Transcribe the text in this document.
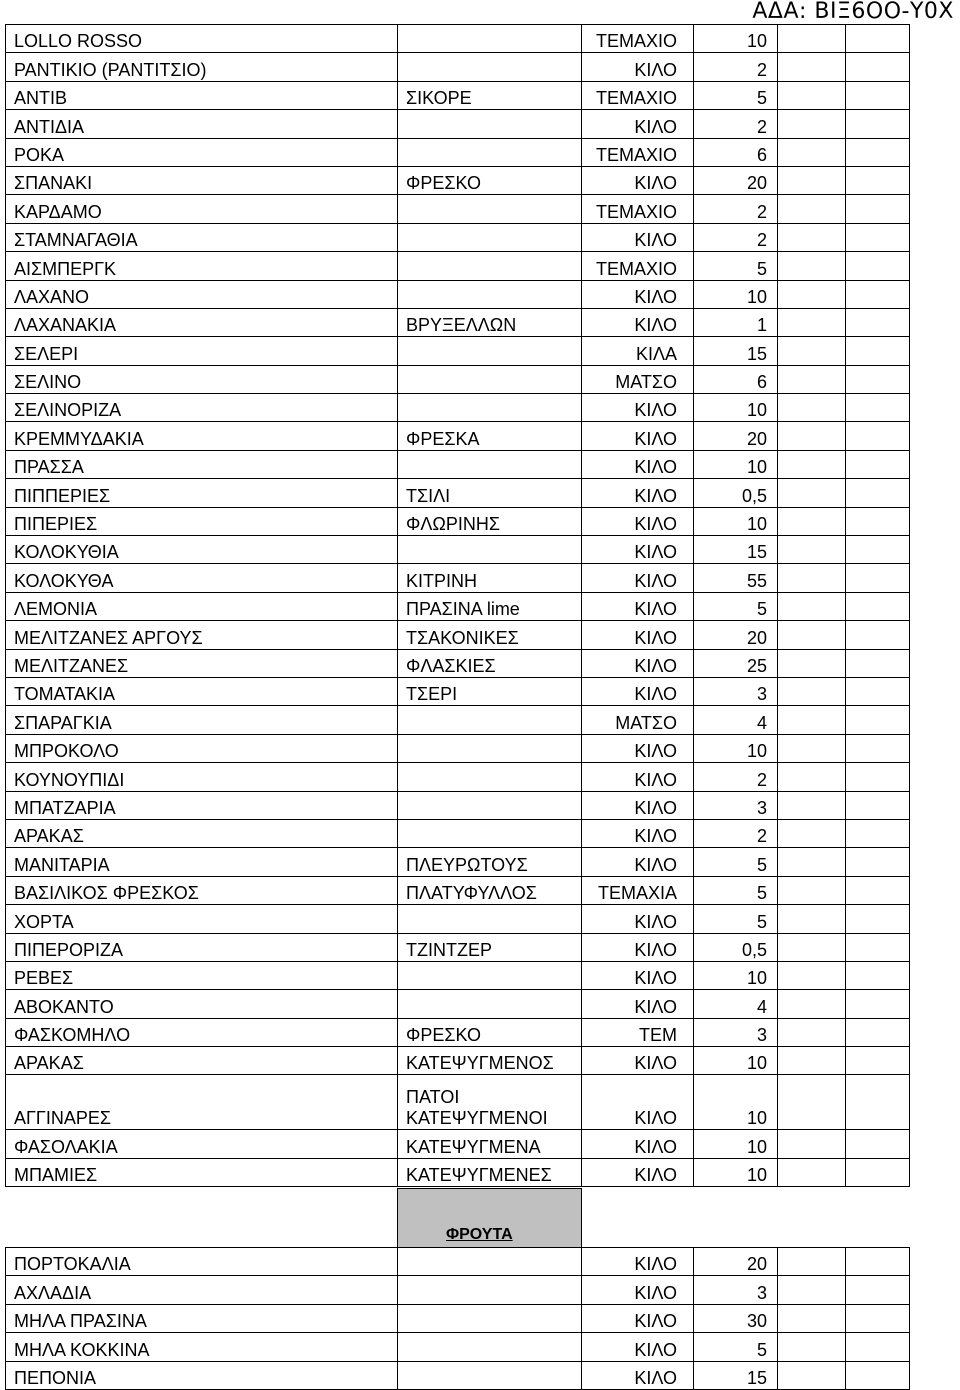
ΑΔΑ: ΒΙΞ6ΟΟ-Υ0Χ
LOLLO ROSSO		ΤΕΜΑΧΙΟ	10		
ΡΑΝΤΙΚΙΟ (ΡΑΝΤΙΤΣΙΟ)		ΚΙΛΟ	2		
ΑΝΤΙΒ	ΣΙΚΟΡΕ	ΤΕΜΑΧΙΟ	5		
ΑΝΤΙΔΙΑ		ΚΙΛΟ	2		
ΡΟΚΑ		ΤΕΜΑΧΙΟ	6		
ΣΠΑΝΑΚΙ	ΦΡΕΣΚΟ	ΚΙΛΟ	20		
ΚΑΡΔΑΜΟ		ΤΕΜΑΧΙΟ	2		
ΣΤΑΜΝΑΓΑΘΙΑ		ΚΙΛΟ	2		
ΑΙΣΜΠΕΡΓΚ		ΤΕΜΑΧΙΟ	5		
ΛΑΧΑΝΟ		ΚΙΛΟ	10		
ΛΑΧΑΝΑΚΙΑ	ΒΡΥΞΕΛΛΩΝ	ΚΙΛΟ	1		
ΣΕΛΕΡΙ		ΚΙΛΑ	15		
ΣΕΛΙΝΟ		ΜΑΤΣΟ	6		
ΣΕΛΙΝΟΡΙΖΑ		ΚΙΛΟ	10		
ΚΡΕΜΜΥΔΑΚΙΑ	ΦΡΕΣΚΑ	ΚΙΛΟ	20		
ΠΡΑΣΣΑ		ΚΙΛΟ	10		
ΠΙΠΠΕΡΙΕΣ	ΤΣΙΛΙ	ΚΙΛΟ	0,5		
ΠΙΠΕΡΙΕΣ	ΦΛΩΡΙΝΗΣ	ΚΙΛΟ	10		
ΚΟΛΟΚΥΘΙΑ		ΚΙΛΟ	15		
ΚΟΛΟΚΥΘΑ	ΚΙΤΡΙΝΗ	ΚΙΛΟ	55		
ΛΕΜΟΝΙΑ	ΠΡΑΣΙΝΑ lime	ΚΙΛΟ	5		
ΜΕΛΙΤΖΑΝΕΣ ΑΡΓΟΥΣ	ΤΣΑΚΟΝΙΚΕΣ	ΚΙΛΟ	20		
ΜΕΛΙΤΖΑΝΕΣ	ΦΛΑΣΚΙΕΣ	ΚΙΛΟ	25		
ΤΟΜΑΤΑΚΙΑ	ΤΣΕΡΙ	ΚΙΛΟ	3		
ΣΠΑΡΑΓΚΙΑ		ΜΑΤΣΟ	4		
ΜΠΡΟΚΟΛΟ		ΚΙΛΟ	10		
ΚΟΥΝΟΥΠΙΔΙ		ΚΙΛΟ	2		
ΜΠΑΤΖΑΡΙΑ		ΚΙΛΟ	3		
ΑΡΑΚΑΣ		ΚΙΛΟ	2		
ΜΑΝΙΤΑΡΙΑ	ΠΛΕΥΡΩΤΟΥΣ	ΚΙΛΟ	5		
ΒΑΣΙΛΙΚΟΣ ΦΡΕΣΚΟΣ	ΠΛΑΤΥΦΥΛΛΟΣ	ΤΕΜΑΧΙΑ	5		
ΧΟΡΤΑ		ΚΙΛΟ	5		
ΠΙΠΕΡΟΡΙΖΑ	ΤΖΙΝΤΖΕΡ	ΚΙΛΟ	0,5		
ΡΕΒΕΣ		ΚΙΛΟ	10		
ΑΒΟΚΑΝΤΟ		ΚΙΛΟ	4		
ΦΑΣΚΟΜΗΛΟ	ΦΡΕΣΚΟ	ΤΕΜ	3		
ΑΡΑΚΑΣ	ΚΑΤΕΨΥΓΜΕΝΟΣ	ΚΙΛΟ	10		
ΑΓΓΙΝΑΡΕΣ	ΠΑΤΟΙ ΚΑΤΕΨΥΓΜΕΝΟΙ	ΚΙΛΟ	10		
ΦΑΣΟΛΑΚΙΑ	ΚΑΤΕΨΥΓΜΕΝΑ	ΚΙΛΟ	10		
ΜΠΑΜΙΕΣ	ΚΑΤΕΨΥΓΜΕΝΕΣ	ΚΙΛΟ	10		
	ΦΡΟΥΤΑ				
ΠΟΡΤΟΚΑΛΙΑ		ΚΙΛΟ	20		
ΑΧΛΑΔΙΑ		ΚΙΛΟ	3		
ΜΗΛΑ ΠΡΑΣΙΝΑ		ΚΙΛΟ	30		
ΜΗΛΑ ΚΟΚΚΙΝΑ		ΚΙΛΟ	5		
ΠΕΠΟΝΙΑ		ΚΙΛΟ	15		
